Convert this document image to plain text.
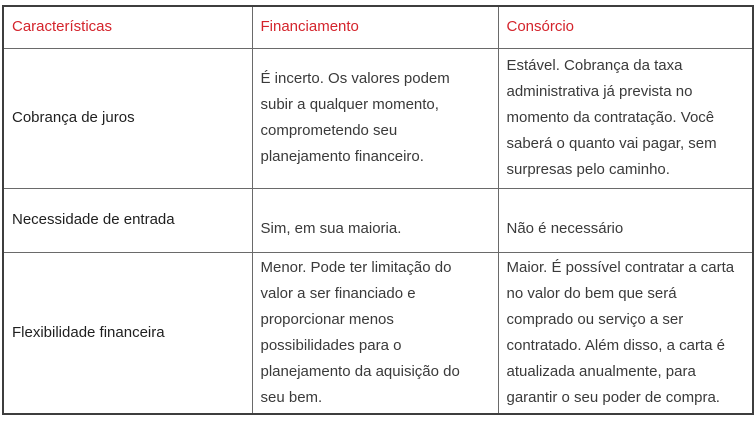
Características	Financiamento	Consórcio
Cobrança de juros	É incerto. Os valores podem subir a qualquer momento, comprometendo seu planejamento financeiro.	Estável. Cobrança da taxa administrativa já prevista no momento da contratação. Você saberá o quanto vai pagar, sem surpresas pelo caminho.
Necessidade de entrada	Sim, em sua maioria.	Não é necessário
Flexibilidade financeira	Menor. Pode ter limitação do valor a ser financiado e proporcionar menos possibilidades para o planejamento da aquisição do seu bem.	Maior. É possível contratar a carta no valor do bem que será comprado ou serviço a ser contratado. Além disso, a carta é atualizada anualmente, para garantir o seu poder de compra.
